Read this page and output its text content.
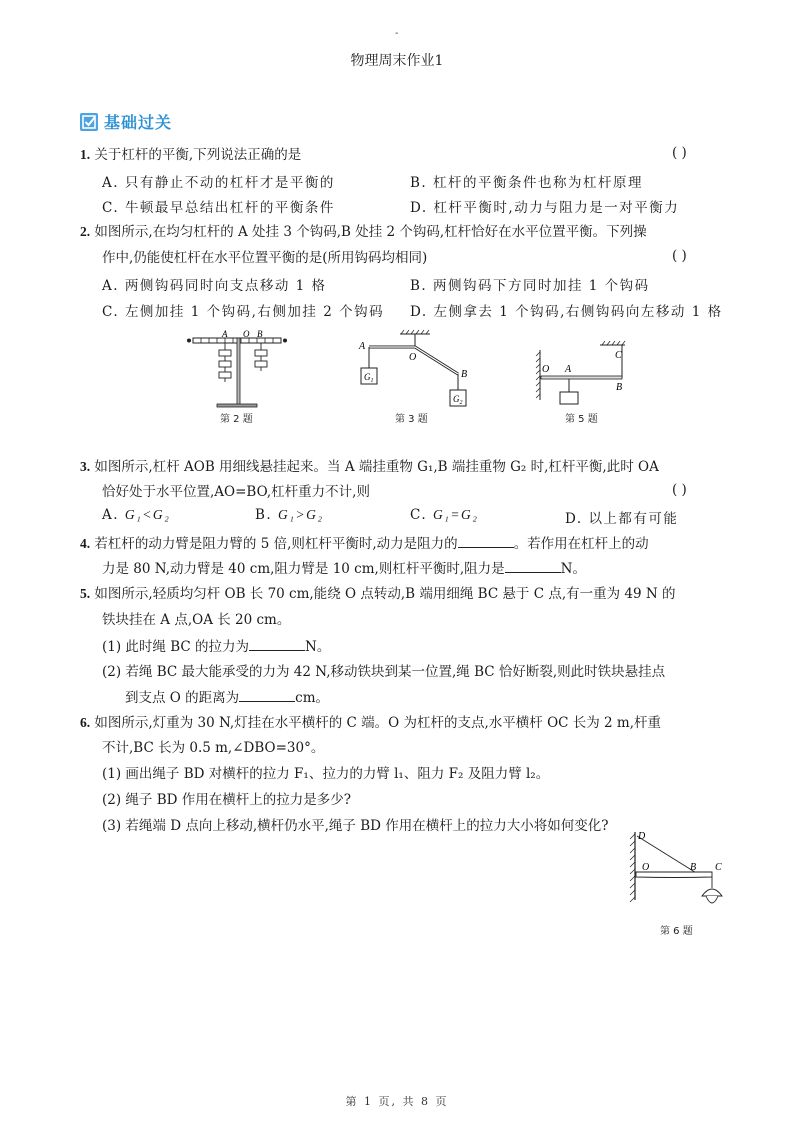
-
物理周末作业1
基础过关
1. 关于杠杆的平衡,下列说法正确的是	( )
A. 只有静止不动的杠杆才是平衡的	B. 杠杆的平衡条件也称为杠杆原理
C. 牛顿最早总结出杠杆的平衡条件	D. 杠杆平衡时,动力与阻力是一对平衡力
2. 如图所示,在均匀杠杆的 A 处挂 3 个钩码,B 处挂 2 个钩码,杠杆恰好在水平位置平衡。下列操
作中,仍能使杠杆在水平位置平衡的是(所用钩码均相同)	( )
A. 两侧钩码同时向支点移动 1 格	B. 两侧钩码下方同时加挂 1 个钩码
C. 左侧加挂 1 个钩码,右侧加挂 2 个钩码 D. 左侧拿去 1 个钩码,右侧钩码向左移动 1 格
A O B
第 2 题
A
O
B
$G_1$
$G_2$
第 3 题
O A
B
C
第 5 题
3. 如图所示,杠杆 AOB 用细线悬挂起来。当 A 端挂重物 G₁,B 端挂重物 G₂ 时,杠杆平衡,此时 OA
恰好处于水平位置,AO=BO,杠杆重力不计,则	( )
A. G₁<G₂	B. G₁>G₂	C. G₁=G₂	D. 以上都有可能
4. 若杠杆的动力臂是阻力臂的 5 倍,则杠杆平衡时,动力是阻力的	。若作用在杠杆上的动
力是 80 N,动力臂是 40 cm,阻力臂是 10 cm,则杠杆平衡时,阻力是	N。
5. 如图所示,轻质均匀杆 OB 长 70 cm,能绕 O 点转动,B 端用细绳 BC 悬于 C 点,有一重为 49 N 的
铁块挂在 A 点,OA 长 20 cm。
(1) 此时绳 BC 的拉力为	N。
(2) 若绳 BC 最大能承受的力为 42 N,移动铁块到某一位置,绳 BC 恰好断裂,则此时铁块悬挂点
到支点 O 的距离为	cm。
6. 如图所示,灯重为 30 N,灯挂在水平横杆的 C 端。O 为杠杆的支点,水平横杆 OC 长为 2 m,杆重
不计,BC 长为 0.5 m,∠DBO=30°。
(1) 画出绳子 BD 对横杆的拉力 F₁、拉力的力臂 l₁、阻力 F₂ 及阻力臂 l₂。
(2) 绳子 BD 作用在横杆上的拉力是多少?
(3) 若绳端 D 点向上移动,横杆仍水平,绳子 BD 作用在横杆上的拉力大小将如何变化?
D
O	B C
第 6 题
第 1 页, 共 8 页
